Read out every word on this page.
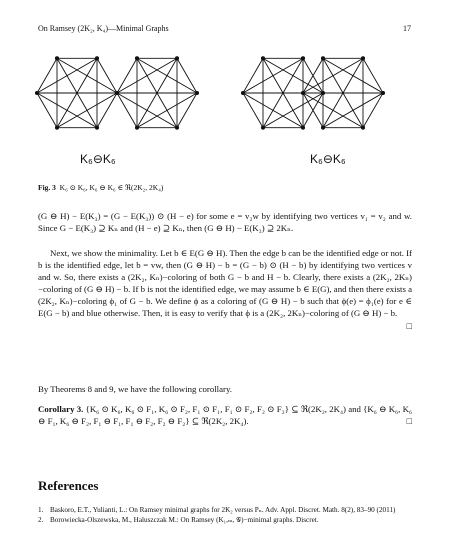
On Ramsey (2K₂, K₄)—Minimal Graphs	17
K₆⊖K₆	K₆⊖K₆
Fig. 3 K₆ ⊙ K₆, K₆ ⊖ K₆ ∈ ℜ(2K₂, 2K₄)
(G ⊖ H) − E(K₃) = (G − E(K₃)) ⊙ (H − e) for some e = v₂w by identifying two vertices v₁ = v₂ and w. Since G − E(K₃) ⊇ Kₙ and (H − e) ⊇ Kₙ, then (G ⊖ H) − E(K₃) ⊇ 2Kₙ.
Next, we show the minimality. Let b ∈ E(G ⊖ H). Then the edge b can be the identified edge or not. If b is the identified edge, let b = vw, then (G ⊖ H) − b = (G − b) ⊙ (H − b) by identifying two vertices v and w. So, there exists a (2K₂, Kₙ)−coloring of both G − b and H − b. Clearly, there exists a (2K₂, 2Kₙ)−coloring of (G ⊖ H) − b. If b is not the identified edge, we may assume b ∈ E(G), and then there exists a (2K₂, Kₙ)−coloring ϕ₁ of G − b. We define ϕ as a coloring of (G ⊖ H) − b such that ϕ(e) = ϕ₁(e) for e ∈ E(G − b) and blue otherwise. Then, it is easy to verify that ϕ is a (2K₂, 2Kₙ)−coloring of (G ⊖ H) − b.
□
By Theorems 8 and 9, we have the following corollary.
Corollary 3. {K₆ ⊙ K₆, K₆ ⊙ F₁, K₆ ⊙ F₂, F₁ ⊙ F₁, F₁ ⊙ F₂, F₂ ⊙ F₂} ⊆ ℜ(2K₂, 2K₄) and {K₆ ⊖ K₆, K₆ ⊖ F₁, K₆ ⊖ F₂, F₁ ⊖ F₁, F₁ ⊖ F₂, F₂ ⊖ F₂} ⊆ ℜ(2K₂, 2K₄).	□
References
1. Baskoro, E.T., Yulianti, L.: On Ramsey minimal graphs for 2K₂ versus Pₙ. Adv. Appl. Discret. Math. 8(2), 83–90 (2011)
2. Borowiecka-Olszewska, M., Haluszczak M.: On Ramsey (K₁,ₘ, 𝒢)−minimal graphs. Discret.
